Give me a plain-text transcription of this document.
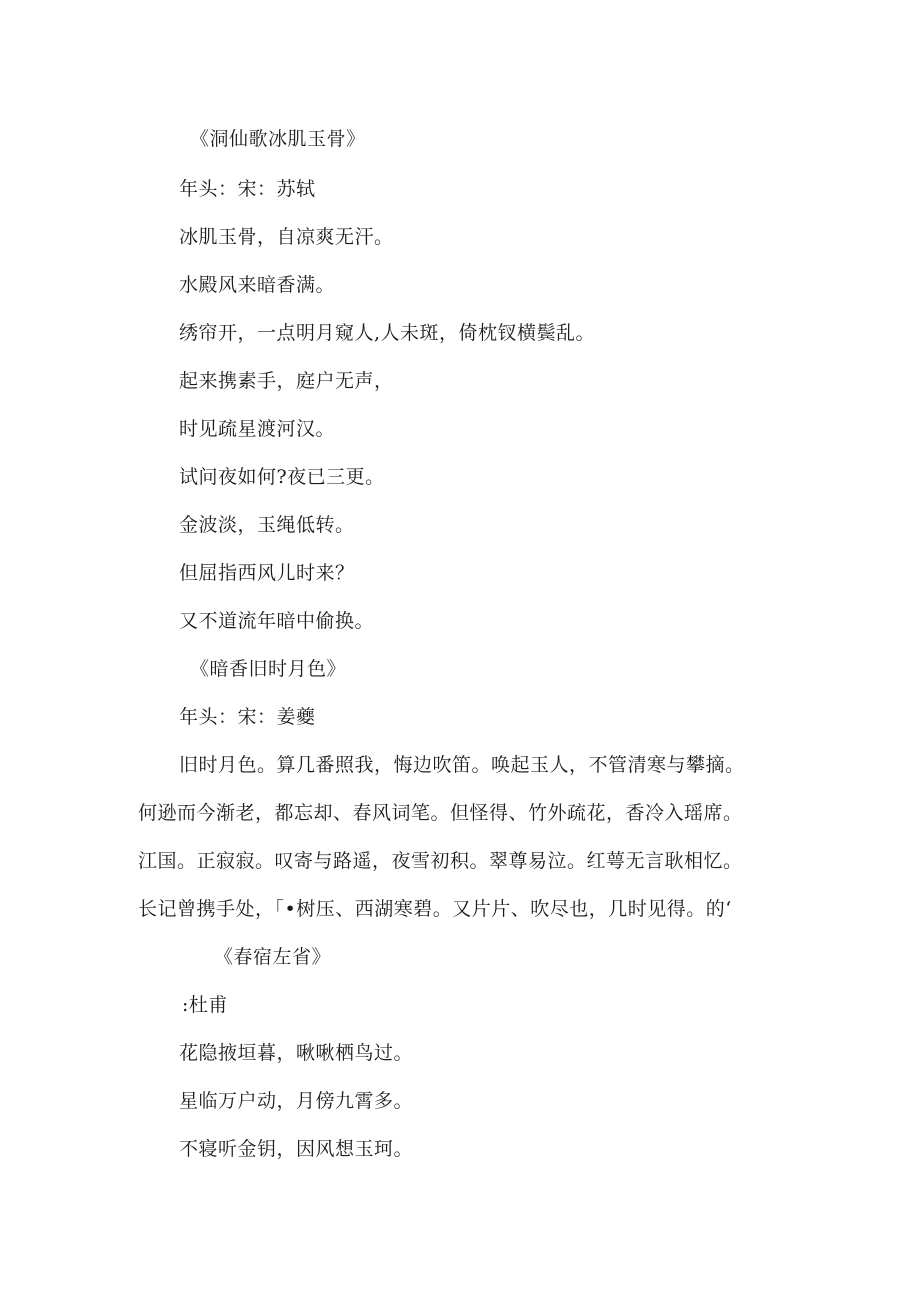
《洞仙歌冰肌玉骨》
年头：宋：苏轼
冰肌玉骨，自凉爽无汗。
水殿风来暗香满。
绣帘开，一点明月窥人,人未斑，倚枕钗横鬓乱。
起来携素手，庭户无声，
时见疏星渡河汉。
试问夜如何?夜已三更。
金波淡，玉绳低转。
但屈指西风儿时来？
又不道流年暗中偷换。
《暗香旧时月色》
年头：宋：姜夔
旧时月色。算几番照我，悔边吹笛。唤起玉人，不管清寒与攀摘。
何逊而今渐老，都忘却、春风词笔。但怪得、竹外疏花，香冷入瑶席。
江国。正寂寂。叹寄与路遥，夜雪初积。翠尊易泣。红萼无言耿相忆。
长记曾携手处，「•树压、西湖寒碧。又片片、吹尽也，几时见得。的‘
《春宿左省》
:杜甫
花隐掖垣暮，啾啾栖鸟过。
星临万户动，月傍九霄多。
不寝听金钥，因风想玉珂。
